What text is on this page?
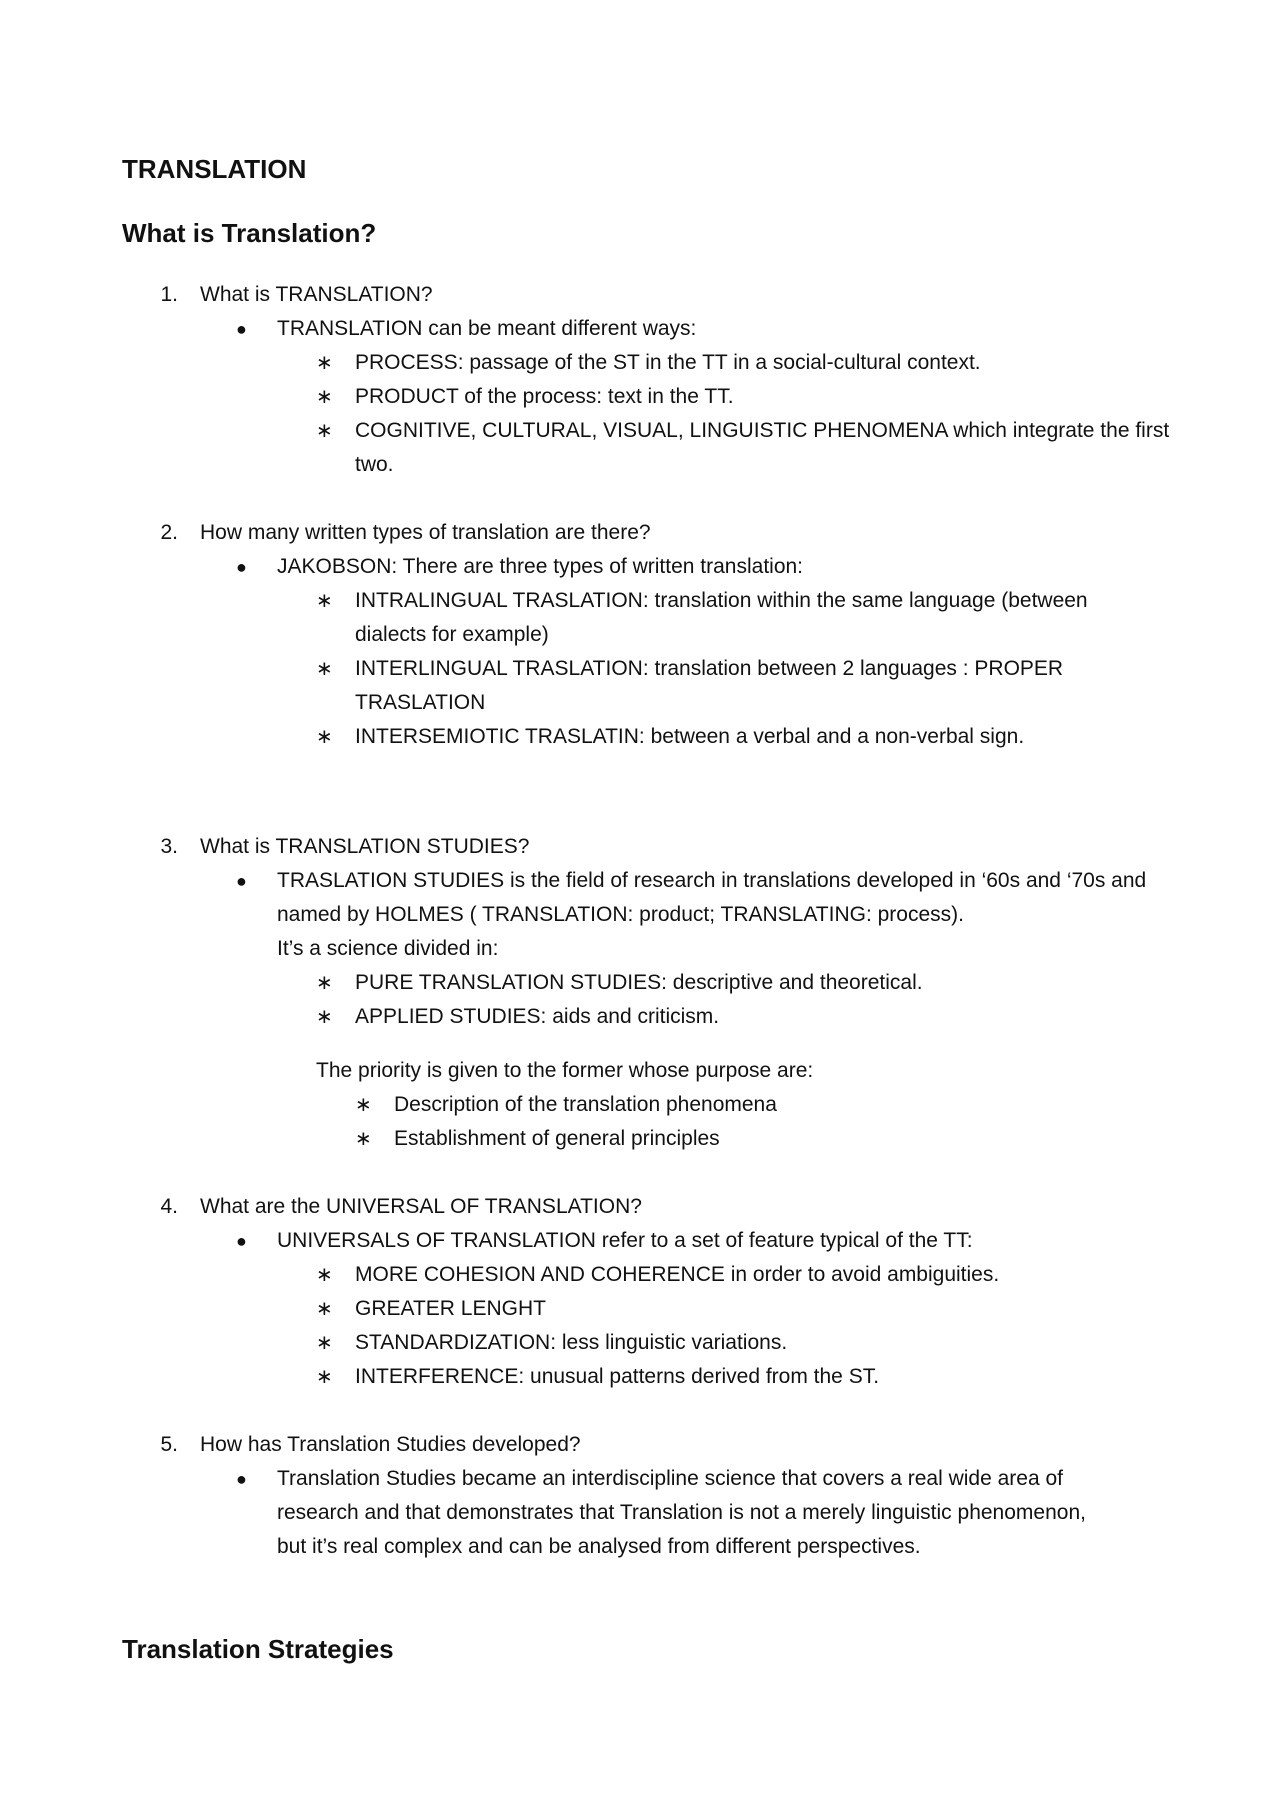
TRANSLATION
What is Translation?
1. What is TRANSLATION?
● TRANSLATION can be meant different ways:
∗ PROCESS: passage of the ST in the TT in a social-cultural context.
∗ PRODUCT of the process: text in the TT.
∗ COGNITIVE, CULTURAL, VISUAL, LINGUISTIC PHENOMENA which integrate the first
two.
2. How many written types of translation are there?
● JAKOBSON: There are three types of written translation:
∗ INTRALINGUAL TRASLATION: translation within the same language (between
dialects for example)
∗ INTERLINGUAL TRASLATION: translation between 2 languages : PROPER
TRASLATION
∗ INTERSEMIOTIC TRASLATIN: between a verbal and a non-verbal sign.
3. What is TRANSLATION STUDIES?
● TRASLATION STUDIES is the field of research in translations developed in ‘60s and ‘70s and
named by HOLMES ( TRANSLATION: product; TRANSLATING: process).
It’s a science divided in:
∗ PURE TRANSLATION STUDIES: descriptive and theoretical.
∗ APPLIED STUDIES: aids and criticism.
The priority is given to the former whose purpose are:
∗ Description of the translation phenomena
∗ Establishment of general principles
4. What are the UNIVERSAL OF TRANSLATION?
● UNIVERSALS OF TRANSLATION refer to a set of feature typical of the TT:
∗ MORE COHESION AND COHERENCE in order to avoid ambiguities.
∗ GREATER LENGHT
∗ STANDARDIZATION: less linguistic variations.
∗ INTERFERENCE: unusual patterns derived from the ST.
5. How has Translation Studies developed?
● Translation Studies became an interdiscipline science that covers a real wide area of
research and that demonstrates that Translation is not a merely linguistic phenomenon,
but it’s real complex and can be analysed from different perspectives.
Translation Strategies
